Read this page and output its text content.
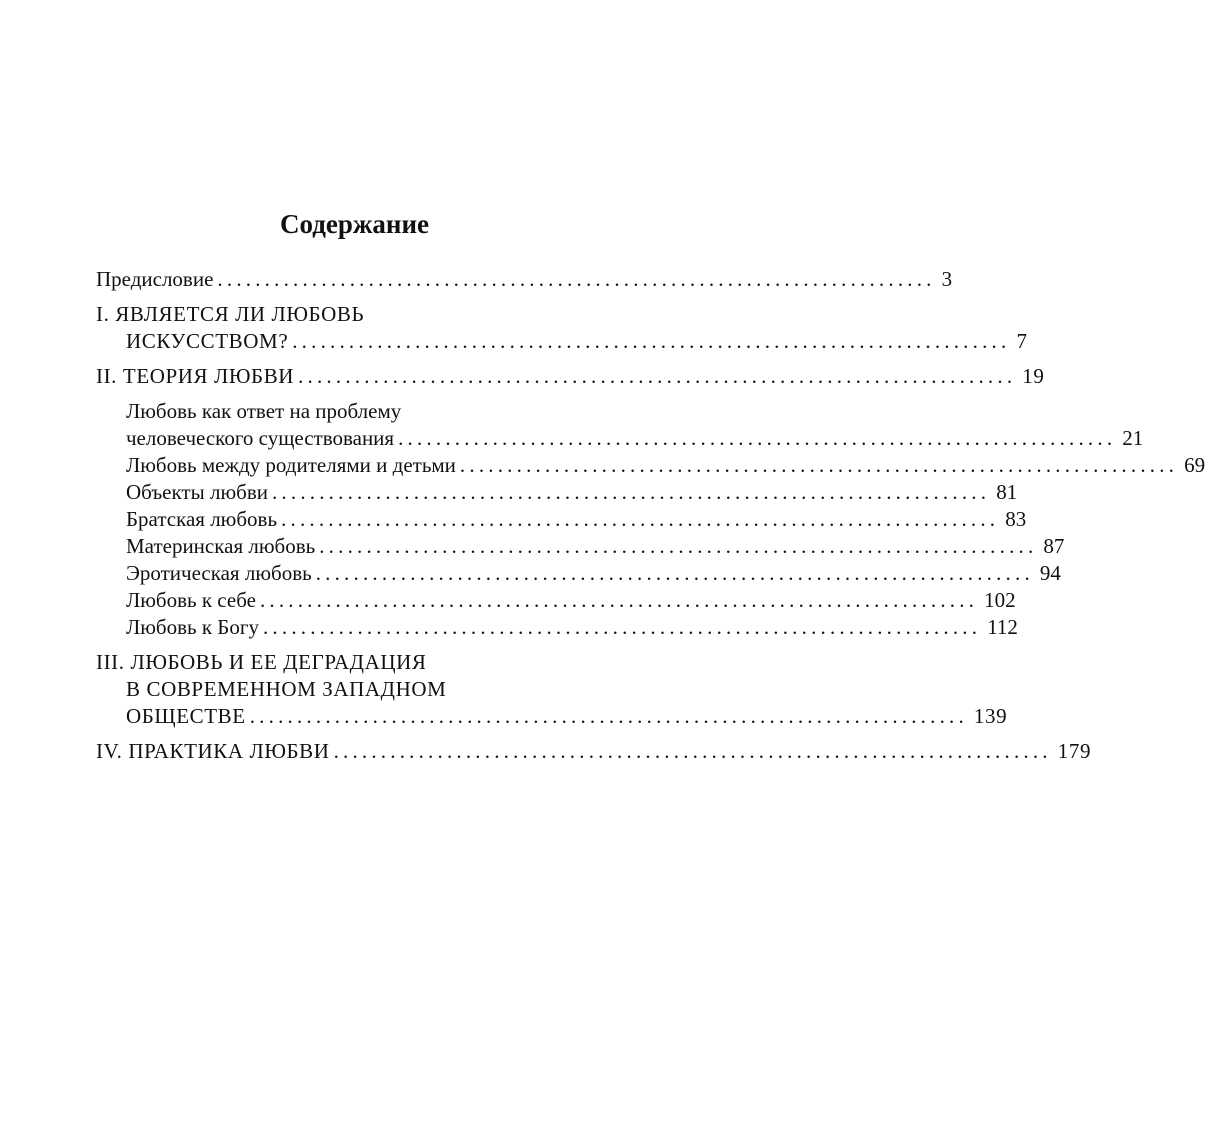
Содержание
Предисловие ............................................................................ 3
I. ЯВЛЯЕТСЯ ЛИ ЛЮБОВЬ
ИСКУССТВОМ? ............................................................................ 7
II. ТЕОРИЯ ЛЮБВИ ............................................................................ 19
Любовь как ответ на проблему
человеческого существования ............................................................................ 21
Любовь между родителями и детьми ............................................................................ 69
Объекты любви ............................................................................ 81
Братская любовь ............................................................................ 83
Материнская любовь ............................................................................ 87
Эротическая любовь ............................................................................ 94
Любовь к себе ............................................................................ 102
Любовь к Богу ............................................................................ 112
III. ЛЮБОВЬ И ЕЕ ДЕГРАДАЦИЯ
В СОВРЕМЕННОМ ЗАПАДНОМ
ОБЩЕСТВЕ ............................................................................ 139
IV. ПРАКТИКА ЛЮБВИ ............................................................................ 179
